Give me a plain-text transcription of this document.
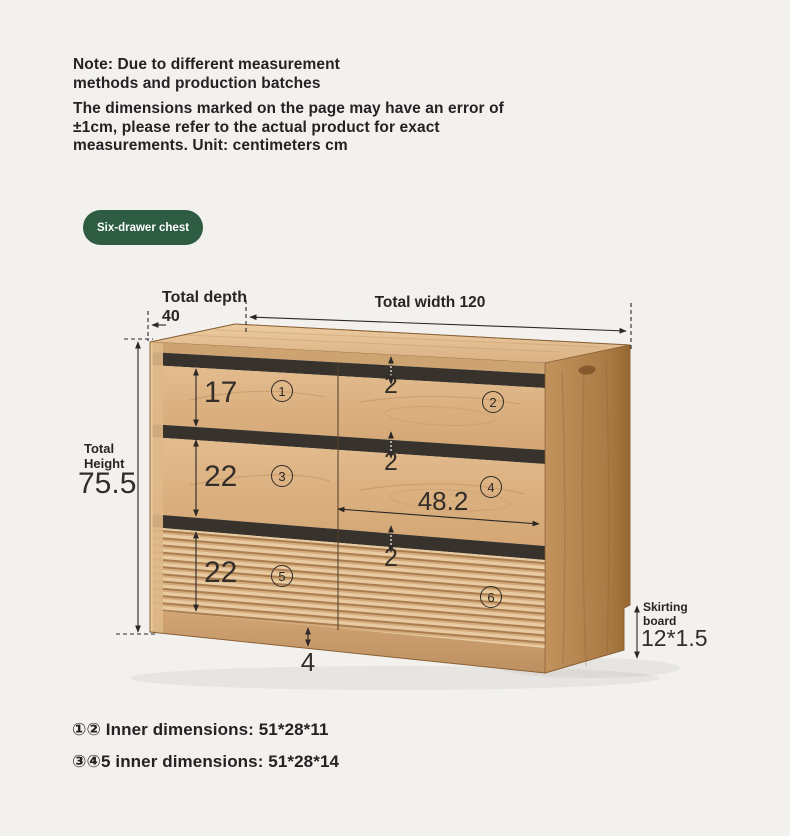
Note: Due to different measurement
methods and production batches
The dimensions marked on the page may have an error of
±1cm, please refer to the actual product for exact
measurements. Unit: centimeters cm
Six-drawer chest
Total depth 40
Total width 120
Total Height
75.5
17
22
22
2
2
2
48.2
4
Skirting board
12*1.5
1
2
3
4
5
6
①② Inner dimensions: 51*28*11
③④5 inner dimensions: 51*28*14
